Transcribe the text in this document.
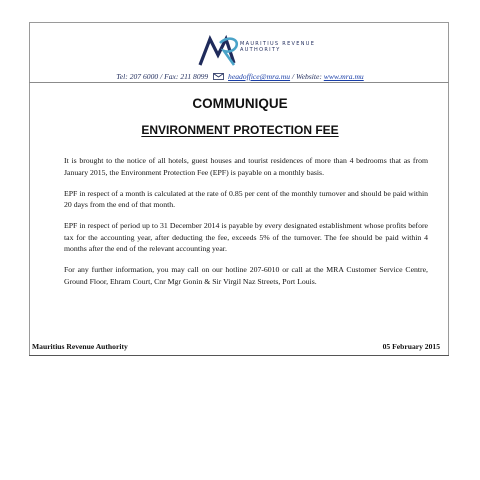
MAURITIUS REVENUE AUTHORITY
Tel: 207 6000 / Fax: 211 8099	headoffice@mra.mu / Website: www.mra.mu
COMMUNIQUE
ENVIRONMENT PROTECTION FEE

It is brought to the notice of all hotels, guest houses and tourist residences of more than 4 bedrooms that as from January 2015, the Environment Protection Fee (EPF) is payable on a monthly basis.

EPF in respect of a month is calculated at the rate of 0.85 per cent of the monthly turnover and should be paid within 20 days from the end of that month.

EPF in respect of period up to 31 December 2014 is payable by every designated establishment whose profits before tax for the accounting year, after deducting the fee, exceeds 5% of the turnover. The fee should be paid within 4 months after the end of the relevant accounting year.

For any further information, you may call on our hotline 207-6010 or call at the MRA Customer Service Centre, Ground Floor, Ehram Court, Cnr Mgr Gonin & Sir Virgil Naz Streets, Port Louis.

Mauritius Revenue Authority	05 February 2015
